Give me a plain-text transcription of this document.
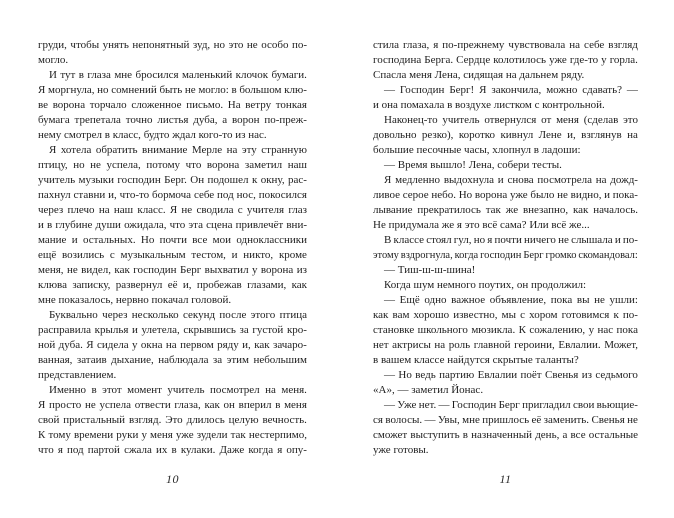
груди, чтобы унять непонятный зуд, но это не особо по-
могло.
И тут в глаза мне бросился маленький клочок бумаги.
Я моргнула, но сомнений быть не могло: в большом клю-
ве ворона торчало сложенное письмо. На ветру тонкая
бумага трепетала точно листья дуба, а ворон по-преж-
нему смотрел в класс, будто ждал кого-то из нас.
Я хотела обратить внимание Мерле на эту странную
птицу, но не успела, потому что ворона заметил наш
учитель музыки господин Берг. Он подошел к окну, рас-
пахнул ставни и, что-то бормоча себе под нос, покосился
через плечо на наш класс. Я не сводила с учителя глаз
и в глубине души ожидала, что эта сцена привлечёт вни-
мание и остальных. Но почти все мои одноклассники
ещё возились с музыкальным тестом, и никто, кроме
меня, не видел, как господин Берг выхватил у ворона из
клюва записку, развернул её и, пробежав глазами, как
мне показалось, нервно покачал головой.
Буквально через несколько секунд после этого птица
расправила крылья и улетела, скрывшись за густой кро-
ной дуба. Я сидела у окна на первом ряду и, как зачаро-
ванная, затаив дыхание, наблюдала за этим небольшим
представлением.
Именно в этот момент учитель посмотрел на меня.
Я просто не успела отвести глаза, как он вперил в меня
свой пристальный взгляд. Это длилось целую вечность.
К тому времени руки у меня уже зудели так нестерпимо,
что я под партой сжала их в кулаки. Даже когда я опу-
10
стила глаза, я по-прежнему чувствовала на себе взгляд
господина Берга. Сердце колотилось уже где-то у горла.
Спасла меня Лена, сидящая на дальнем ряду.
— Господин Берг! Я закончила, можно сдавать? —
и она помахала в воздухе листком с контрольной.
Наконец-то учитель отвернулся от меня (сделав это
довольно резко), коротко кивнул Лене и, взглянув на
большие песочные часы, хлопнул в ладоши:
— Время вышло! Лена, собери тесты.
Я медленно выдохнула и снова посмотрела на дожд-
ливое серое небо. Но ворона уже было не видно, и пока-
лывание прекратилось так же внезапно, как началось.
Не придумала же я это всё сама? Или всё же...
В классе стоял гул, но я почти ничего не слышала и по-
этому вздрогнула, когда господин Берг громко скомандовал:
— Тиш-ш-ш-шина!
Когда шум немного поутих, он продолжил:
— Ещё одно важное объявление, пока вы не ушли:
как вам хорошо известно, мы с хором готовимся к по-
становке школьного мюзикла. К сожалению, у нас пока
нет актрисы на роль главной героини, Евлалии. Может,
в вашем классе найдутся скрытые таланты?
— Но ведь партию Евлалии поёт Свенья из седьмого
«А», — заметил Йонас.
— Уже нет. — Господин Берг пригладил свои вьющие-
ся волосы. — Увы, мне пришлось её заменить. Свенья не
сможет выступить в назначенный день, а все остальные
уже готовы.
11
